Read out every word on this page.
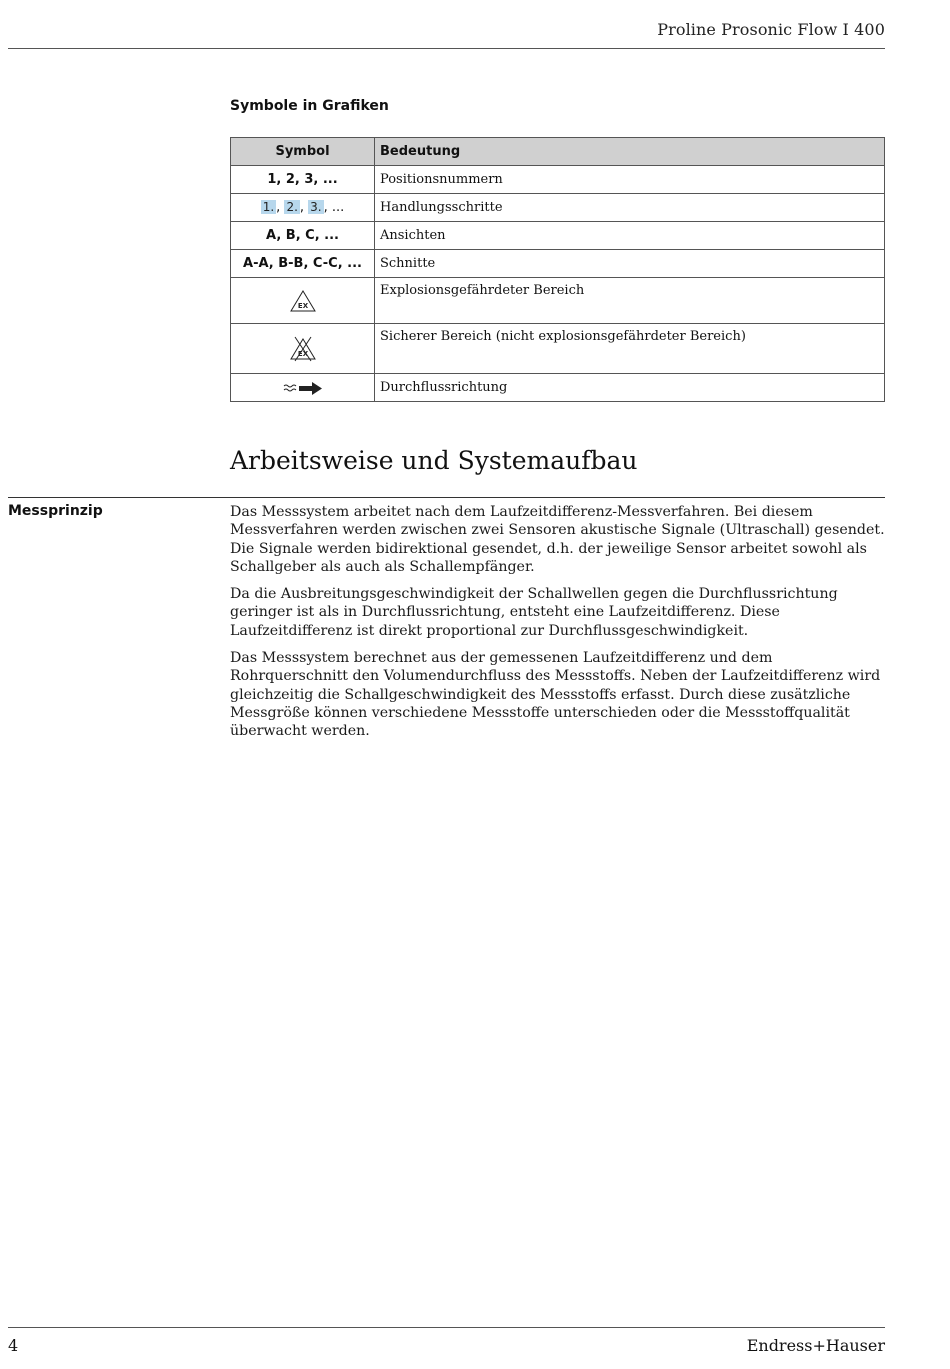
Proline Prosonic Flow I 400
Symbole in Grafiken
Symbol	Bedeutung
1, 2, 3, ...	Positionsnummern
1. , 2. , 3. , ...	Handlungsschritte
A, B, C, ...	Ansichten
A-A, B-B, C-C, ...	Schnitte

EX	Explosionsgefährdeter Bereich

EX	Sicherer Bereich (nicht explosionsgefährdeter Bereich)

	Durchflussrichtung
Arbeitsweise und Systemaufbau
Messprinzip	Das Messsystem arbeitet nach dem Laufzeitdifferenz-Messverfahren. Bei diesem Messverfahren werden zwischen zwei Sensoren akustische Signale (Ultraschall) gesendet. Die Signale werden bidirektional gesendet, d.h. der jeweilige Sensor arbeitet sowohl als Schallgeber als auch als Schallempfänger.

Da die Ausbreitungsgeschwindigkeit der Schallwellen gegen die Durchflussrichtung geringer ist als in Durchflussrichtung, entsteht eine Laufzeitdifferenz. Diese Laufzeitdifferenz ist direkt proportional zur Durchflussgeschwindigkeit.

Das Messsystem berechnet aus der gemessenen Laufzeitdifferenz und dem Rohrquerschnitt den Volumendurchfluss des Messstoffs. Neben der Laufzeitdifferenz wird gleichzeitig die Schallgeschwindigkeit des Messstoffs erfasst. Durch diese zusätzliche Messgröße können verschiedene Messstoffe unterschieden oder die Messstoffqualität überwacht werden.

4	Endress+Hauser
